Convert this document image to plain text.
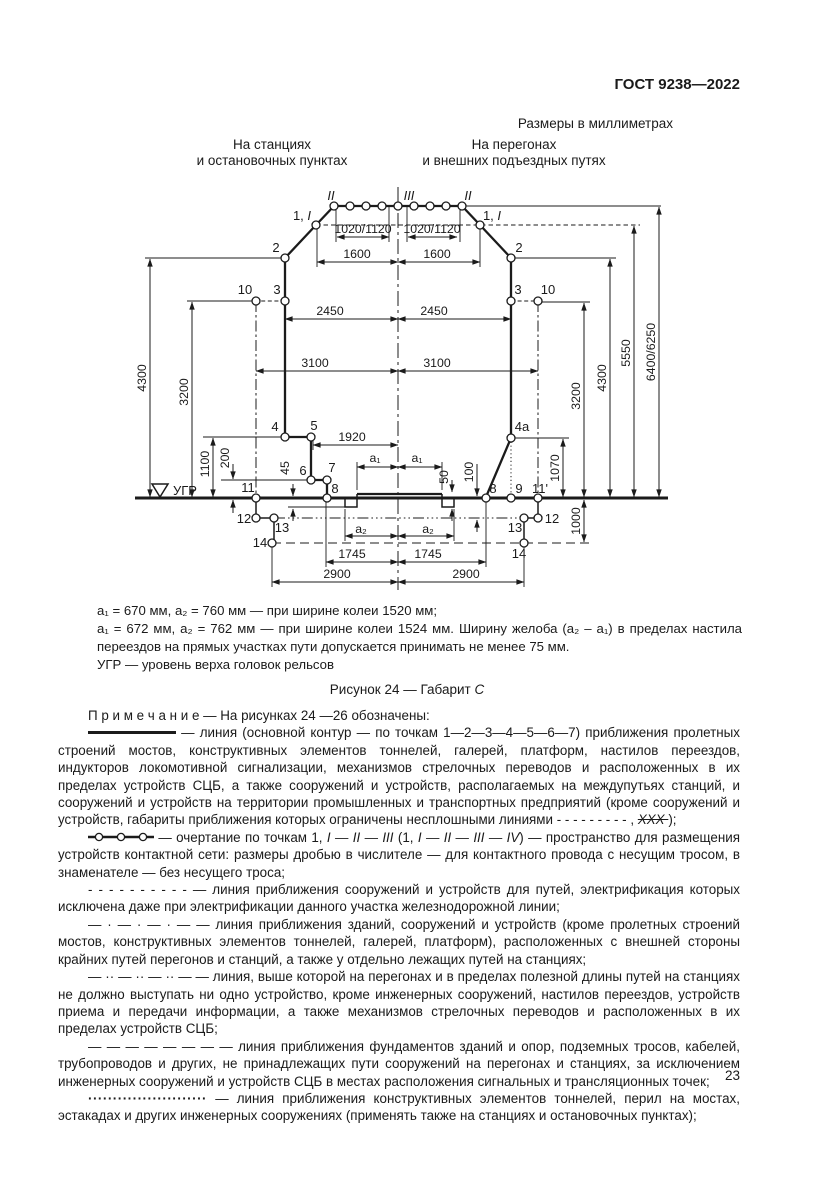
ГОСТ 9238—2022
Размеры в миллиметрах
На станциях
и остановочных пунктах
На перегонах
и внешних подъездных путях
УГР
II	III	II
1, I	1, I
2	2
10 3	3 10
4 5	4a
6 7
8
11	8 9 11'
12
13
12
13
14
14
1020/1120 1020/1120
1600	1600
2450	2450
3100	3100
1920
a₁	a₁
a₂	a₂
1745	1745
2900	2900
4300
3200
1100 200	45
50 100	1070
3200
4300
5550 6400/6250
1000
a₁ = 670 мм, a₂ = 760 мм — при ширине колеи 1520 мм;
a₁ = 672 мм, a₂ = 762 мм — при ширине колеи 1524 мм. Ширину желоба (a₂ – a₁) в пределах настила переездов на прямых участках пути допускается принимать не менее 75 мм.
УГР — уровень верха головок рельсов
Рисунок 24 — Габарит С

П р и м е ч а н и е — На рисунках 24 —26 обозначены:

— линия (основной контур — по точкам 1—2—3—4—5—6—7) приближения пролетных строений мостов, конструктивных элементов тоннелей, галерей, платформ, настилов переездов, индукторов локомотивной сигнализации, механизмов стрелочных переводов и расположенных в их пределах устройств СЦБ, а также сооружений и устройств, располагаемых на междупутьях станций, и сооружений и устройств на территории промышленных и транспортных предприятий (кроме сооружений и устройств, габариты приближения которых ограничены несплошными линиями - - - - - - - - - , ХХХ );

— очертание по точкам 1, I — II — III (1, I — II — III — IV) — пространство для размещения устройств контактной сети: размеры дробью в числителе — для контактного провода с несущим тросом, в знаменателе — без несущего троса;

- - - - - - - - - - — линия приближения сооружений и устройств для путей, электрификация которых исключена даже при электрификации данного участка железнодорожной линии;

— · — · — · — — линия приближения зданий, сооружений и устройств (кроме пролетных строений мостов, конструктивных элементов тоннелей, галерей, платформ), расположенных с внешней стороны крайних путей перегонов и станций, а также у отдельно лежащих путей на станциях;

— ·· — ·· — ·· — — линия, выше которой на перегонах и в пределах полезной длины путей на станциях не должно выступать ни одно устройство, кроме инженерных сооружений, настилов переездов, устройств приема и передачи информации, а также механизмов стрелочных переводов и расположенных в их пределах устройств СЦБ;

— — — — — — — — линия приближения фундаментов зданий и опор, подземных тросов, кабелей, трубопроводов и других, не принадлежащих пути сооружений на перегонах и станциях, за исключением инженерных сооружений и устройств СЦБ в местах расположения сигнальных и трансляционных точек;

························ — линия приближения конструктивных элементов тоннелей, перил на мостах, эстакадах и других инженерных сооружениях (применять также на станциях и остановочных пунктах);

23
